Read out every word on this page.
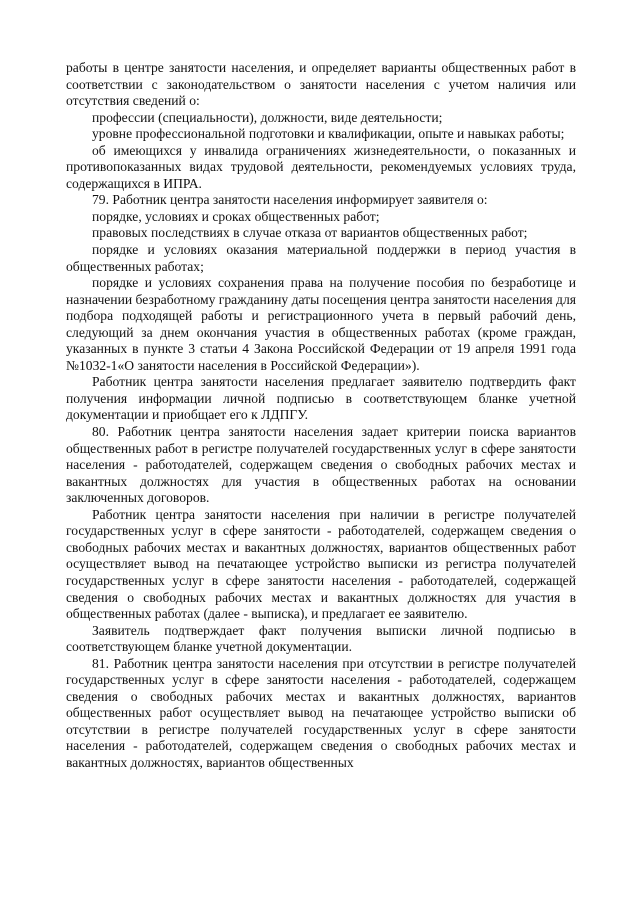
работы в центре занятости населения, и определяет варианты общественных работ в соответствии с законодательством о занятости населения с учетом наличия или отсутствия сведений о:

профессии (специальности), должности, виде деятельности;

уровне профессиональной подготовки и квалификации, опыте и навыках работы;

об имеющихся у инвалида ограничениях жизнедеятельности, о показанных и противопоказанных видах трудовой деятельности, рекомендуемых условиях труда, содержащихся в ИПРА.

79. Работник центра занятости населения информирует заявителя о:

порядке, условиях и сроках общественных работ;

правовых последствиях в случае отказа от вариантов общественных работ;

порядке и условиях оказания материальной поддержки в период участия в общественных работах;

порядке и условиях сохранения права на получение пособия по безработице и назначении безработному гражданину даты посещения центра занятости населения для подбора подходящей работы и регистрационного учета в первый рабочий день, следующий за днем окончания участия в общественных работах (кроме граждан, указанных в пункте 3 статьи 4 Закона Российской Федерации от 19 апреля 1991 года №1032-1«О занятости населения в Российской Федерации»).

Работник центра занятости населения предлагает заявителю подтвердить факт получения информации личной подписью в соответствующем бланке учетной документации и приобщает его к ЛДПГУ.

80. Работник центра занятости населения задает критерии поиска вариантов общественных работ в регистре получателей государственных услуг в сфере занятости населения - работодателей, содержащем сведения о свободных рабочих местах и вакантных должностях для участия в общественных работах на основании заключенных договоров.

Работник центра занятости населения при наличии в регистре получателей государственных услуг в сфере занятости - работодателей, содержащем сведения о свободных рабочих местах и вакантных должностях, вариантов общественных работ осуществляет вывод на печатающее устройство выписки из регистра получателей государственных услуг в сфере занятости населения - работодателей, содержащей сведения о свободных рабочих местах и вакантных должностях для участия в общественных работах (далее - выписка), и предлагает ее заявителю.

Заявитель подтверждает факт получения выписки личной подписью в соответствующем бланке учетной документации.

81. Работник центра занятости населения при отсутствии в регистре получателей государственных услуг в сфере занятости населения - работодателей, содержащем сведения о свободных рабочих местах и вакантных должностях, вариантов общественных работ осуществляет вывод на печатающее устройство выписки об отсутствии в регистре получателей государственных услуг в сфере занятости населения - работодателей, содержащем сведения о свободных рабочих местах и вакантных должностях, вариантов общественных
